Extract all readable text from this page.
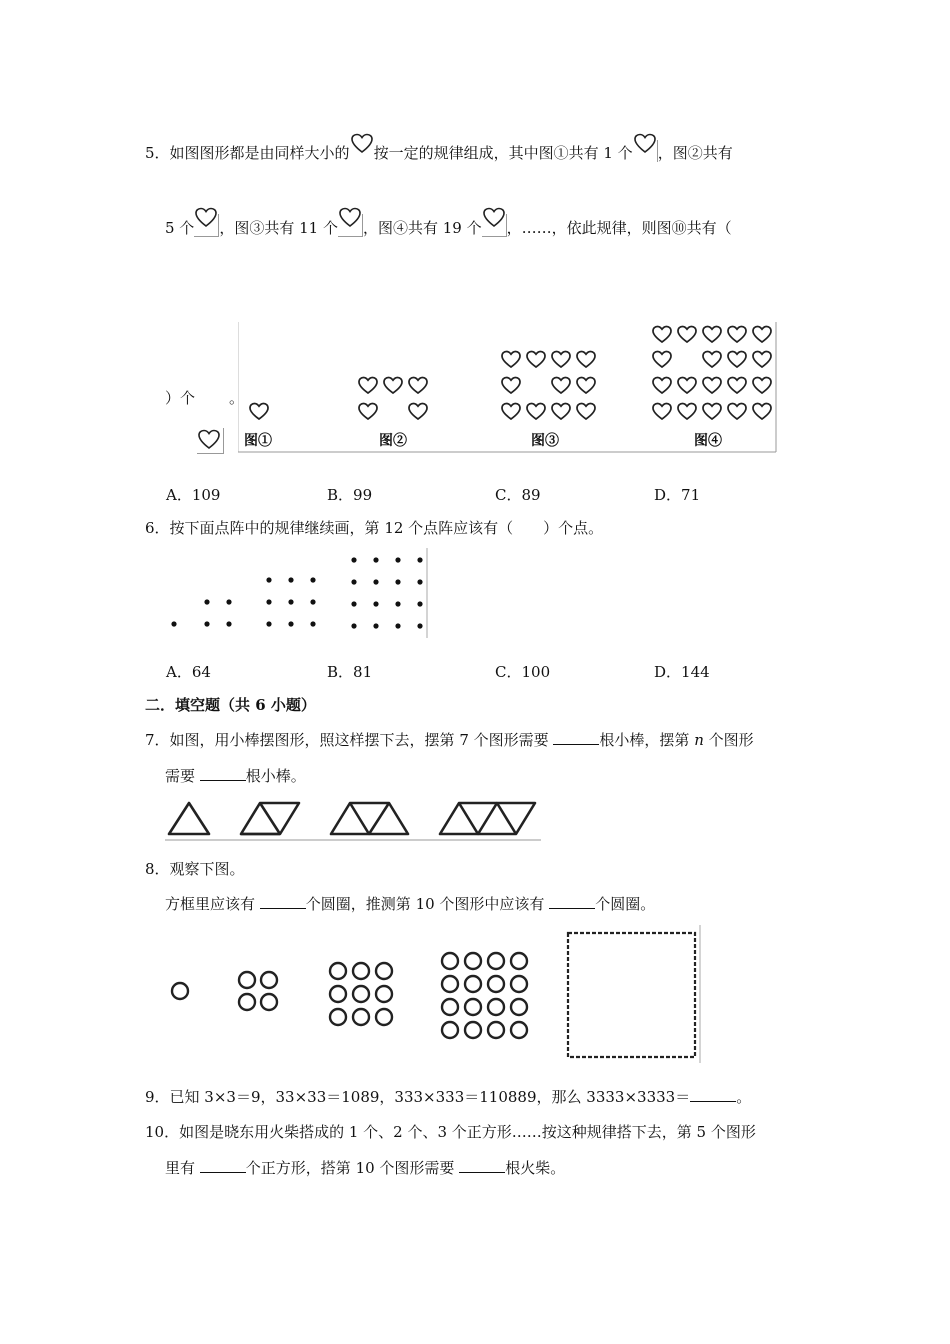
5．如图图形都是由同样大小的 按一定的规律组成，其中图①共有 1 个 ，图②共有
5 个 ，图③共有 11 个 ，图④共有 19 个 ，……，依此规律，则图⑩共有（
）个 。
图①	图②	图③	图④
A．109	B．99	C．89	D．71
6．按下面点阵中的规律继续画，第 12 个点阵应该有（　　）个点。
A．64	B．81	C．100	D．144
二．填空题（共 6 小题）
7．如图，用小棒摆图形，照这样摆下去，摆第 7 个图形需要	根小棒，摆第 n 个图形
需要	根小棒。
8．观察下图。
方框里应该有	个圆圈，推测第 10 个图形中应该有	个圆圈。
9．已知 3×3＝9，33×33＝1089，333×333＝110889，那么 3333×3333＝	。
10．如图是晓东用火柴搭成的 1 个、2 个、3 个正方形……按这种规律搭下去，第 5 个图形
里有	个正方形，搭第 10 个图形需要	根火柴。
